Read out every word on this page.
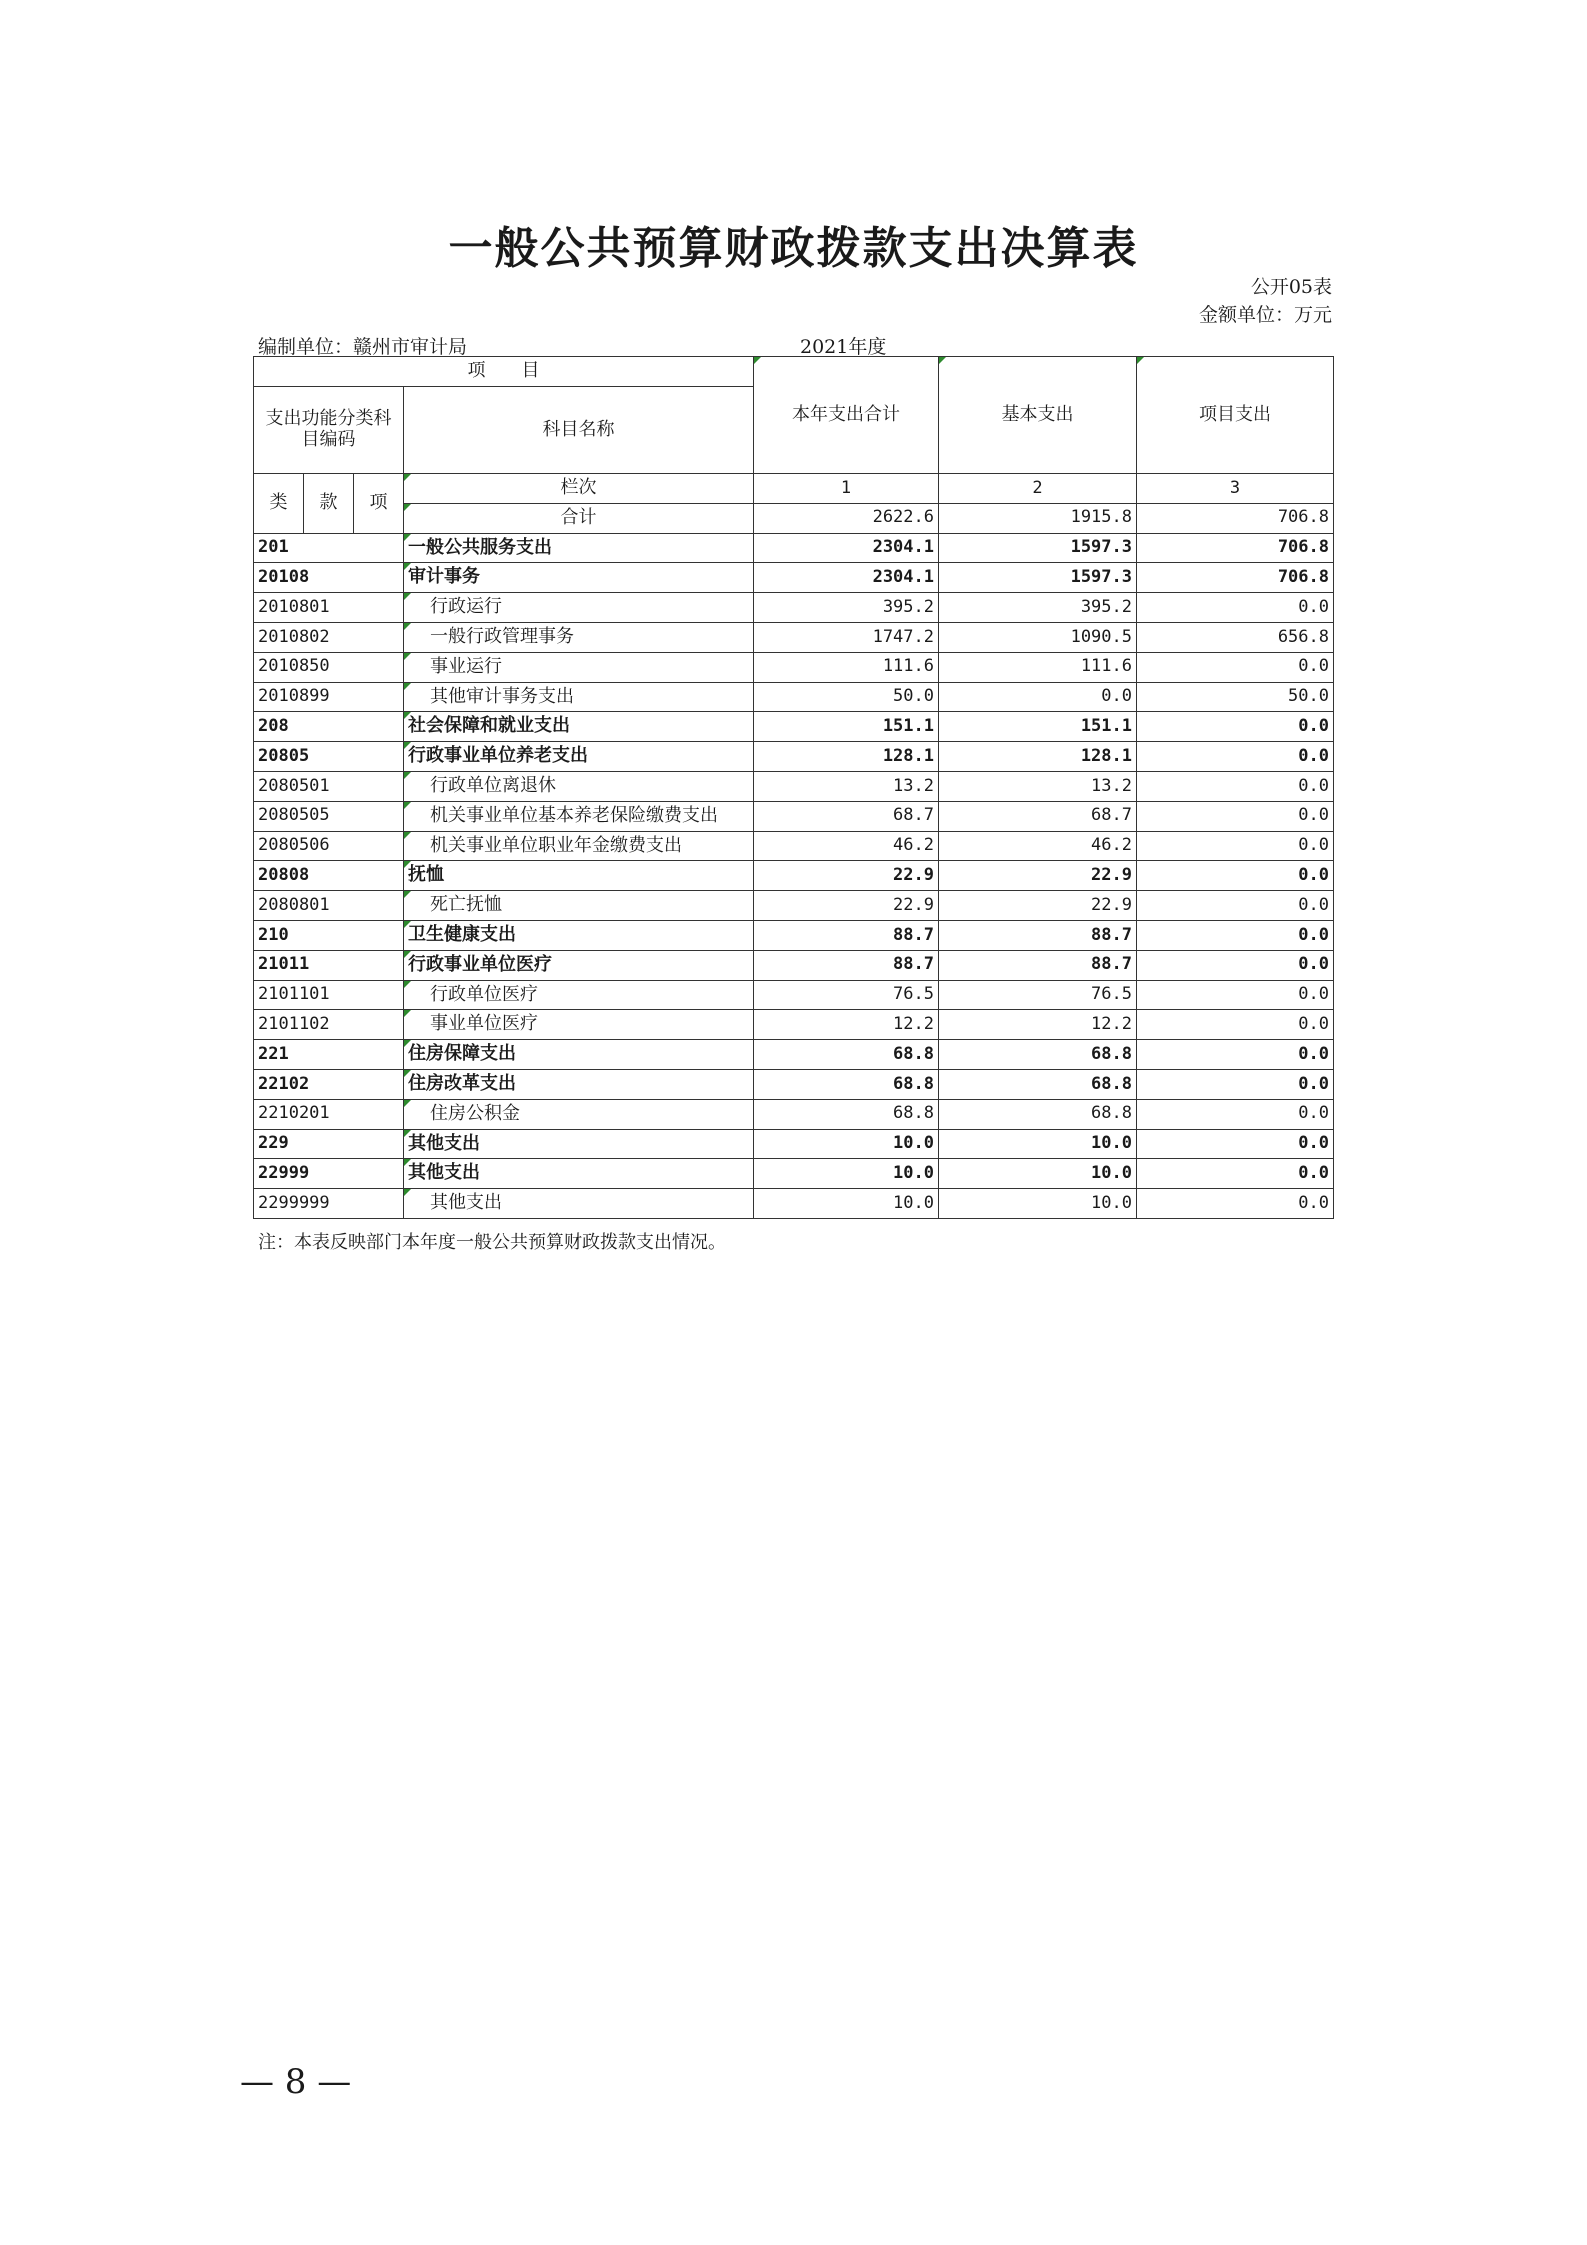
一般公共预算财政拨款支出决算表
公开05表
金额单位：万元
编制单位：赣州市审计局	2021年度
项　　目				本年支出合计	基本支出	项目支出
支出功能分类科目编码			科目名称			
类	款	项	栏次	1	2	3
			合计	2622.6	1915.8	706.8
201			一般公共服务支出	2304.1	1597.3	706.8
20108			审计事务	2304.1	1597.3	706.8
2010801			行政运行	395.2	395.2	0.0
2010802			一般行政管理事务	1747.2	1090.5	656.8
2010850			事业运行	111.6	111.6	0.0
2010899			其他审计事务支出	50.0	0.0	50.0
208			社会保障和就业支出	151.1	151.1	0.0
20805			行政事业单位养老支出	128.1	128.1	0.0
2080501			行政单位离退休	13.2	13.2	0.0
2080505			机关事业单位基本养老保险缴费支出	68.7	68.7	0.0
2080506			机关事业单位职业年金缴费支出	46.2	46.2	0.0
20808			抚恤	22.9	22.9	0.0
2080801			死亡抚恤	22.9	22.9	0.0
210			卫生健康支出	88.7	88.7	0.0
21011			行政事业单位医疗	88.7	88.7	0.0
2101101			行政单位医疗	76.5	76.5	0.0
2101102			事业单位医疗	12.2	12.2	0.0
221			住房保障支出	68.8	68.8	0.0
22102			住房改革支出	68.8	68.8	0.0
2210201			住房公积金	68.8	68.8	0.0
229			其他支出	10.0	10.0	0.0
22999			其他支出	10.0	10.0	0.0
2299999			其他支出	10.0	10.0	0.0
注：本表反映部门本年度一般公共预算财政拨款支出情况。
— 8 —
